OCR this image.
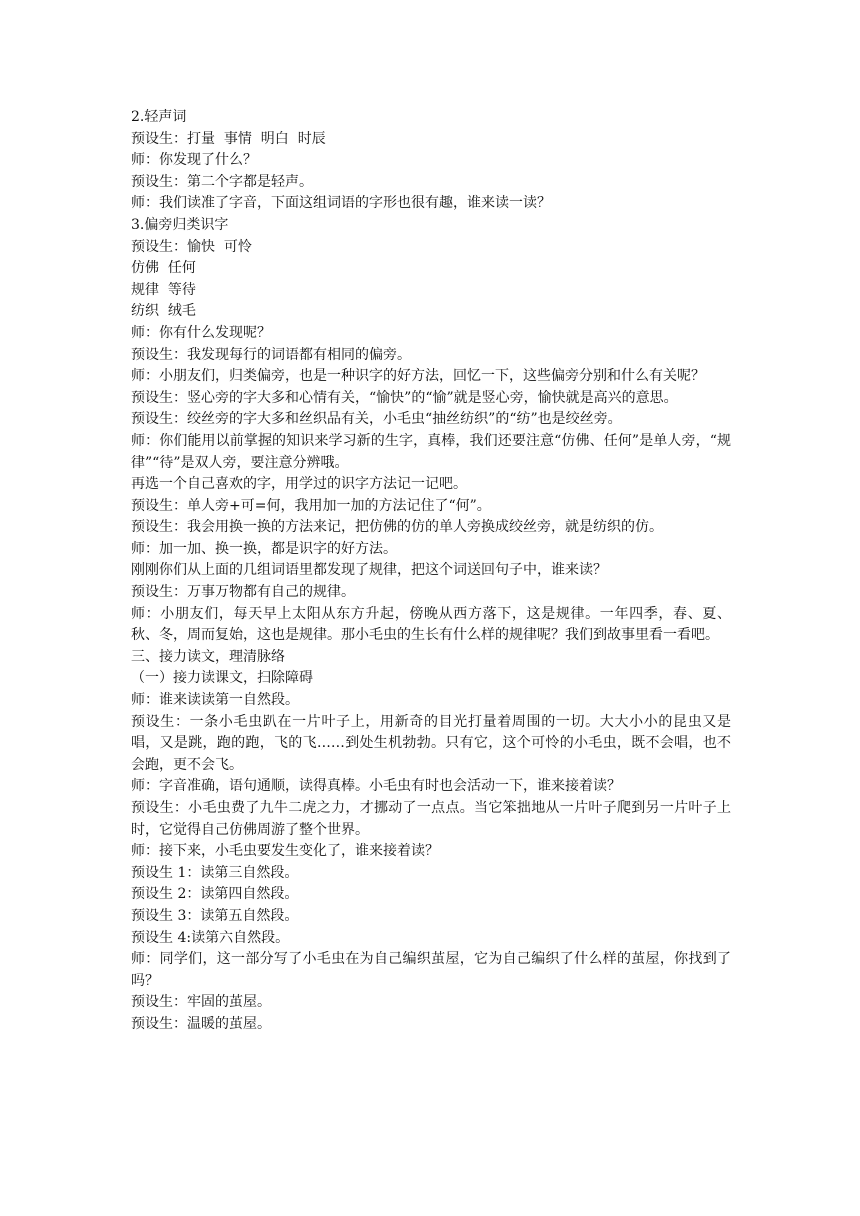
2.轻声词

预设生：打量  事情  明白  时辰

师：你发现了什么？

预设生：第二个字都是轻声。

师：我们读准了字音，下面这组词语的字形也很有趣，谁来读一读？

3.偏旁归类识字

预设生：愉快  可怜

仿佛  任何

规律  等待

纺织  绒毛

师：你有什么发现呢？

预设生：我发现每行的词语都有相同的偏旁。

师：小朋友们，归类偏旁，也是一种识字的好方法，回忆一下，这些偏旁分别和什么有关呢？

预设生：竖心旁的字大多和心情有关，“愉快”的“愉”就是竖心旁，愉快就是高兴的意思。

预设生：绞丝旁的字大多和丝织品有关，小毛虫“抽丝纺织”的“纺”也是绞丝旁。

师：你们能用以前掌握的知识来学习新的生字，真棒，我们还要注意“仿佛、任何”是单人旁，“规律”“待”是双人旁，要注意分辨哦。

再选一个自己喜欢的字，用学过的识字方法记一记吧。

预设生：单人旁+可=何，我用加一加的方法记住了“何”。

预设生：我会用换一换的方法来记，把仿佛的仿的单人旁换成绞丝旁，就是纺织的仿。

师：加一加、换一换，都是识字的好方法。

刚刚你们从上面的几组词语里都发现了规律，把这个词送回句子中，谁来读？

预设生：万事万物都有自己的规律。

师：小朋友们，每天早上太阳从东方升起，傍晚从西方落下，这是规律。一年四季，春、夏、秋、冬，周而复始，这也是规律。那小毛虫的生长有什么样的规律呢？我们到故事里看一看吧。

三、接力读文，理清脉络

（一）接力读课文，扫除障碍

师：谁来读读第一自然段。

预设生：一条小毛虫趴在一片叶子上，用新奇的目光打量着周围的一切。大大小小的昆虫又是唱，又是跳，跑的跑，飞的飞……到处生机勃勃。只有它，这个可怜的小毛虫，既不会唱，也不会跑，更不会飞。

师：字音准确，语句通顺，读得真棒。小毛虫有时也会活动一下，谁来接着读？

预设生：小毛虫费了九牛二虎之力，才挪动了一点点。当它笨拙地从一片叶子爬到另一片叶子上时，它觉得自己仿佛周游了整个世界。

师：接下来，小毛虫要发生变化了，谁来接着读？

预设生 1：读第三自然段。

预设生 2：读第四自然段。

预设生 3：读第五自然段。

预设生 4:读第六自然段。

师：同学们，这一部分写了小毛虫在为自己编织茧屋，它为自己编织了什么样的茧屋，你找到了吗？

预设生：牢固的茧屋。

预设生：温暖的茧屋。
